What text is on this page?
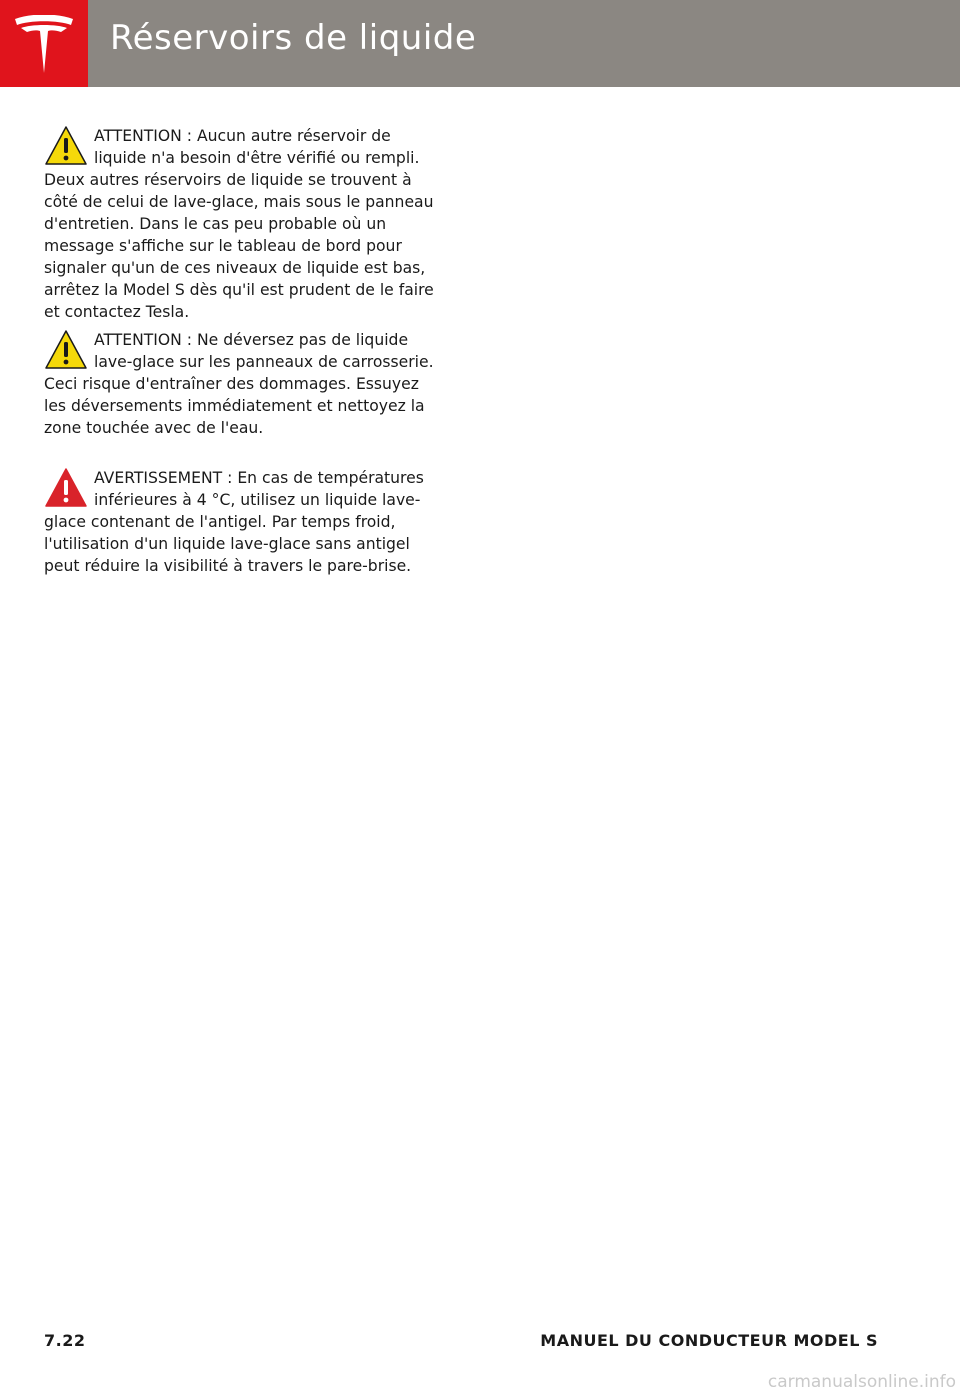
Réservoirs de liquide
ATTENTION : Aucun autre réservoir de liquide n'a besoin d'être vérifié ou rempli. Deux autres réservoirs de liquide se trouvent à côté de celui de lave-glace, mais sous le panneau d'entretien. Dans le cas peu probable où un message s'affiche sur le tableau de bord pour signaler qu'un de ces niveaux de liquide est bas, arrêtez la Model S dès qu'il est prudent de le faire et contactez Tesla.
ATTENTION : Ne déversez pas de liquide lave-glace sur les panneaux de carrosserie. Ceci risque d'entraîner des dommages. Essuyez les déversements immédiatement et nettoyez la zone touchée avec de l'eau.
AVERTISSEMENT : En cas de températures inférieures à 4 °C, utilisez un liquide lave-glace contenant de l'antigel. Par temps froid, l'utilisation d'un liquide lave-glace sans antigel peut réduire la visibilité à travers le pare-brise.
7.22	MANUEL DU CONDUCTEUR MODEL S
carmanualsonline.info
